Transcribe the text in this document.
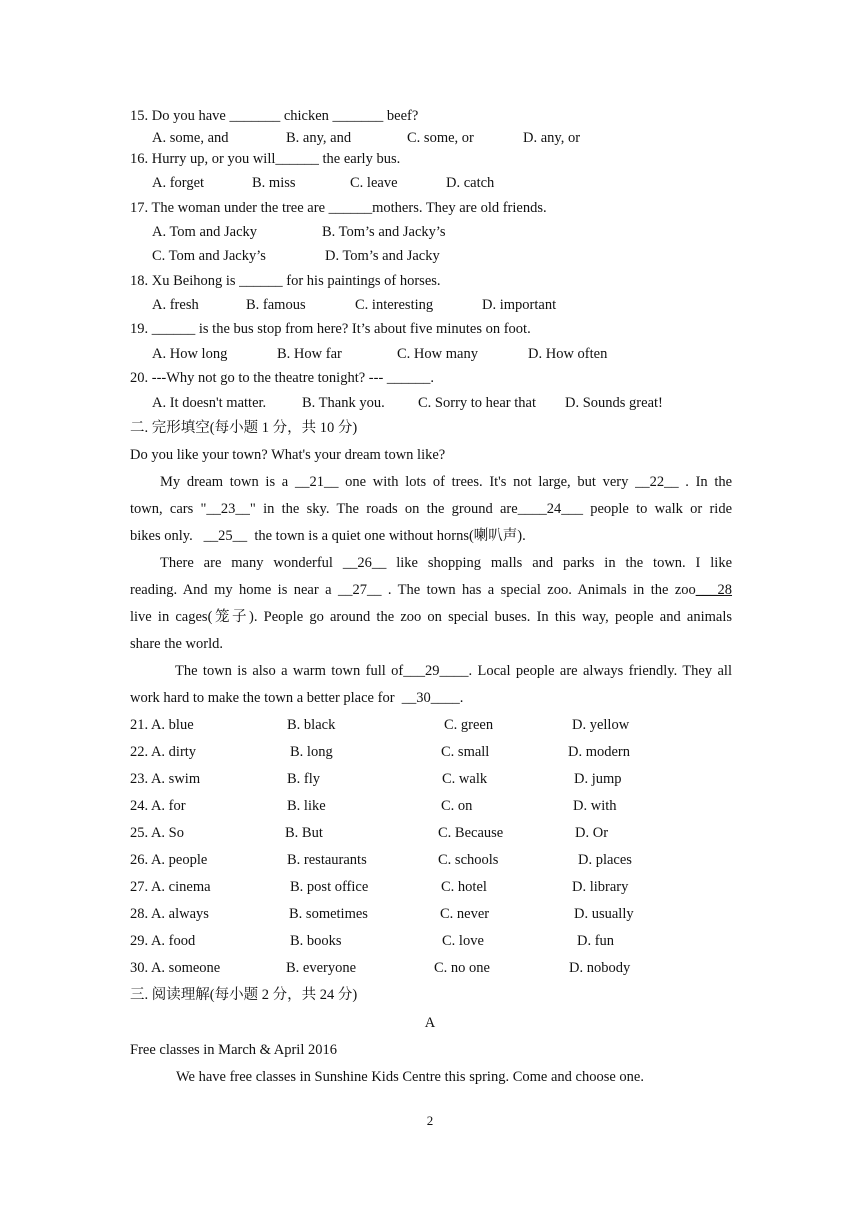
15. Do you have _______ chicken _______ beef?
A. some, and	B. any, and	C. some, or	D. any, or
16. Hurry up, or you will______ the early bus.
A. forget	B. miss	C. leave	D. catch
17. The woman under the tree are ______mothers. They are old friends.
A. Tom and Jacky	B. Tom’s and Jacky’s
C. Tom and Jacky’s	D. Tom’s and Jacky
18. Xu Beihong is ______ for his paintings of horses.
A. fresh	B. famous	C. interesting	D. important
19. ______ is the bus stop from here? It’s about five minutes on foot.
A. How long	B. How far	C. How many	D. How often
20. ---Why not go to the theatre tonight? --- ______.
A. It doesn't matter. B. Thank you. C. Sorry to hear that D. Sounds great!
二. 完形填空(每小题 1 分，共 10 分)
Do you like your town? What's your dream town like?
My dream town is a __21__ one with lots of trees. It's not large, but very __22__ . In the
town, cars "__23__" in the sky. The roads on the ground are____24___ people to walk or ride
bikes only. __25__ the town is a quiet one without horns(喇叭声).
There are many wonderful __26__ like shopping malls and parks in the town. I like
reading. And my home is near a __27__ . The town has a special zoo. Animals in the zoo___28
live in cages(笼子). People go around the zoo on special buses. In this way, people and animals
share the world.
The town is also a warm town full of___29____. Local people are always friendly. They all
work hard to make the town a better place for __30____.
21. A. blue	B. black	C. green	D. yellow
22. A. dirty	B. long	C. small	D. modern
23. A. swim	B. fly	C. walk	D. jump
24. A. for	B. like	C. on	D. with
25. A. So	B. But	C. Because	D. Or
26. A. people	B. restaurants	C. schools	D. places
27. A. cinema	B. post office	C. hotel	D. library
28. A. always	B. sometimes	C. never	D. usually
29. A. food	B. books	C. love	D. fun
30. A. someone	B. everyone	C. no one	D. nobody
三. 阅读理解(每小题 2 分，共 24 分)
A
Free classes in March & April 2016
We have free classes in Sunshine Kids Centre this spring. Come and choose one.
2
